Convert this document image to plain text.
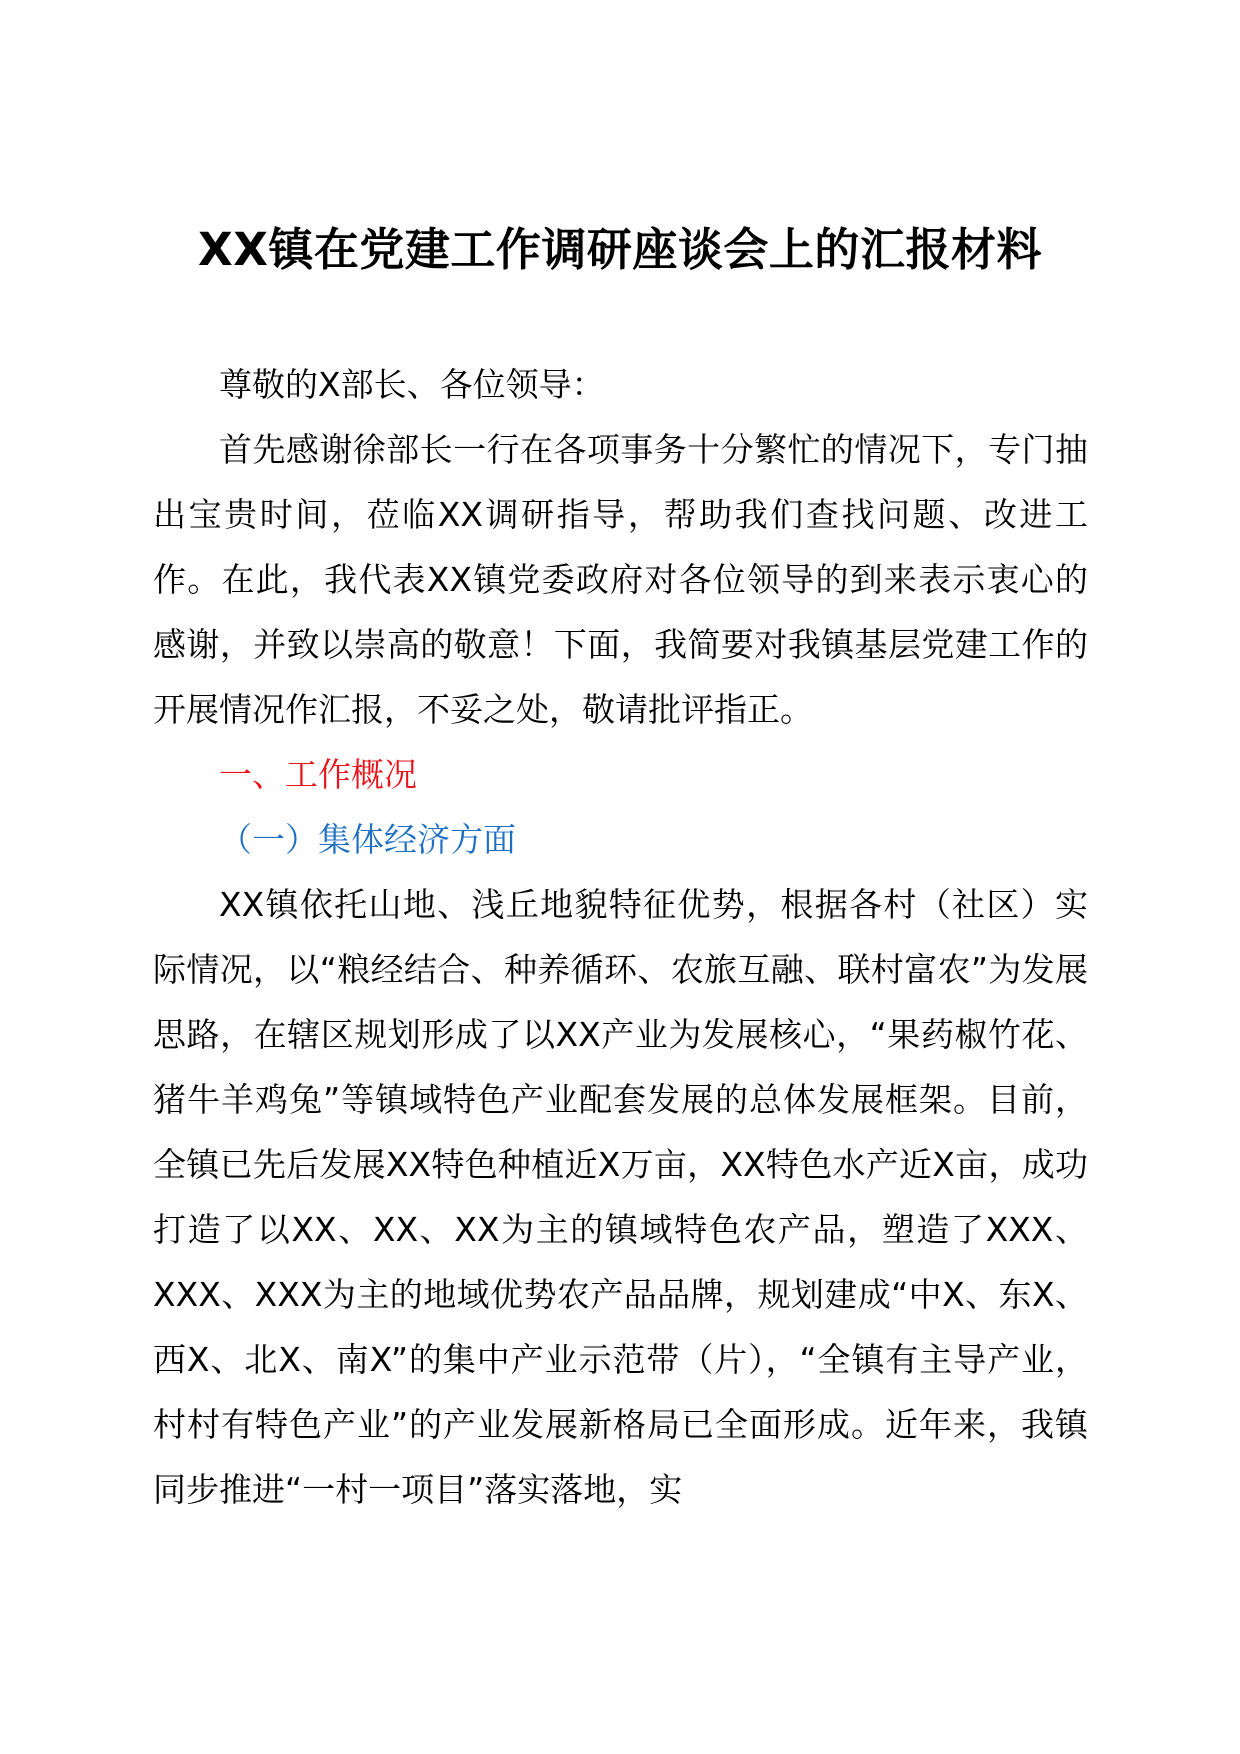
XX镇在党建工作调研座谈会上的汇报材料
尊敬的X部长、各位领导：
首先感谢徐部长一行在各项事务十分繁忙的情况下，专门抽出宝贵时间，莅临XX调研指导，帮助我们查找问题、改进工作。在此，我代表XX镇党委政府对各位领导的到来表示衷心的感谢，并致以崇高的敬意！下面，我简要对我镇基层党建工作的开展情况作汇报，不妥之处，敬请批评指正。
一、工作概况
（一）集体经济方面
XX镇依托山地、浅丘地貌特征优势，根据各村（社区）实际情况，以“粮经结合、种养循环、农旅互融、联村富农”为发展思路，在辖区规划形成了以XX产业为发展核心，“果药椒竹花、猪牛羊鸡兔”等镇域特色产业配套发展的总体发展框架。目前，全镇已先后发展XX特色种植近X万亩，XX特色水产近X亩，成功打造了以XX、XX、XX为主的镇域特色农产品，塑造了XXX、XXX、XXX为主的地域优势农产品品牌，规划建成“中X、东X、西X、北X、南X”的集中产业示范带（片），“全镇有主导产业，村村有特色产业”的产业发展新格局已全面形成。近年来，我镇同步推进“一村一项目”落实落地，实
